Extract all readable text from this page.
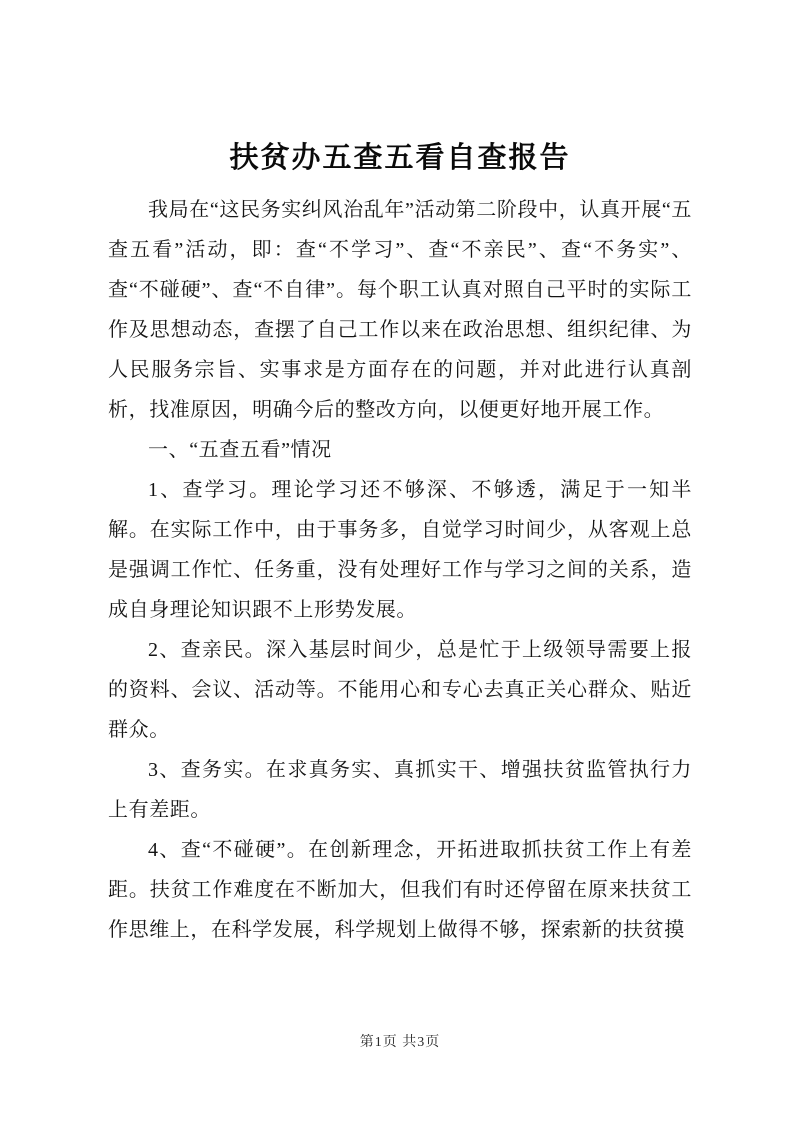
扶贫办五查五看自查报告

我局在“这民务实纠风治乱年”活动第二阶段中，认真开展“五查五看”活动，即：查“不学习”、查“不亲民”、查“不务实”、查“不碰硬”、查“不自律”。每个职工认真对照自己平时的实际工作及思想动态，查摆了自己工作以来在政治思想、组织纪律、为人民服务宗旨、实事求是方面存在的问题，并对此进行认真剖析，找准原因，明确今后的整改方向，以便更好地开展工作。

一、“五查五看”情况

1、查学习。理论学习还不够深、不够透，满足于一知半解。在实际工作中，由于事务多，自觉学习时间少，从客观上总是强调工作忙、任务重，没有处理好工作与学习之间的关系，造成自身理论知识跟不上形势发展。

2、查亲民。深入基层时间少，总是忙于上级领导需要上报的资料、会议、活动等。不能用心和专心去真正关心群众、贴近群众。

3、查务实。在求真务实、真抓实干、增强扶贫监管执行力上有差距。

4、查“不碰硬”。在创新理念，开拓进取抓扶贫工作上有差距。扶贫工作难度在不断加大，但我们有时还停留在原来扶贫工作思维上，在科学发展，科学规划上做得不够，探索新的扶贫摸

第1页 共3页
